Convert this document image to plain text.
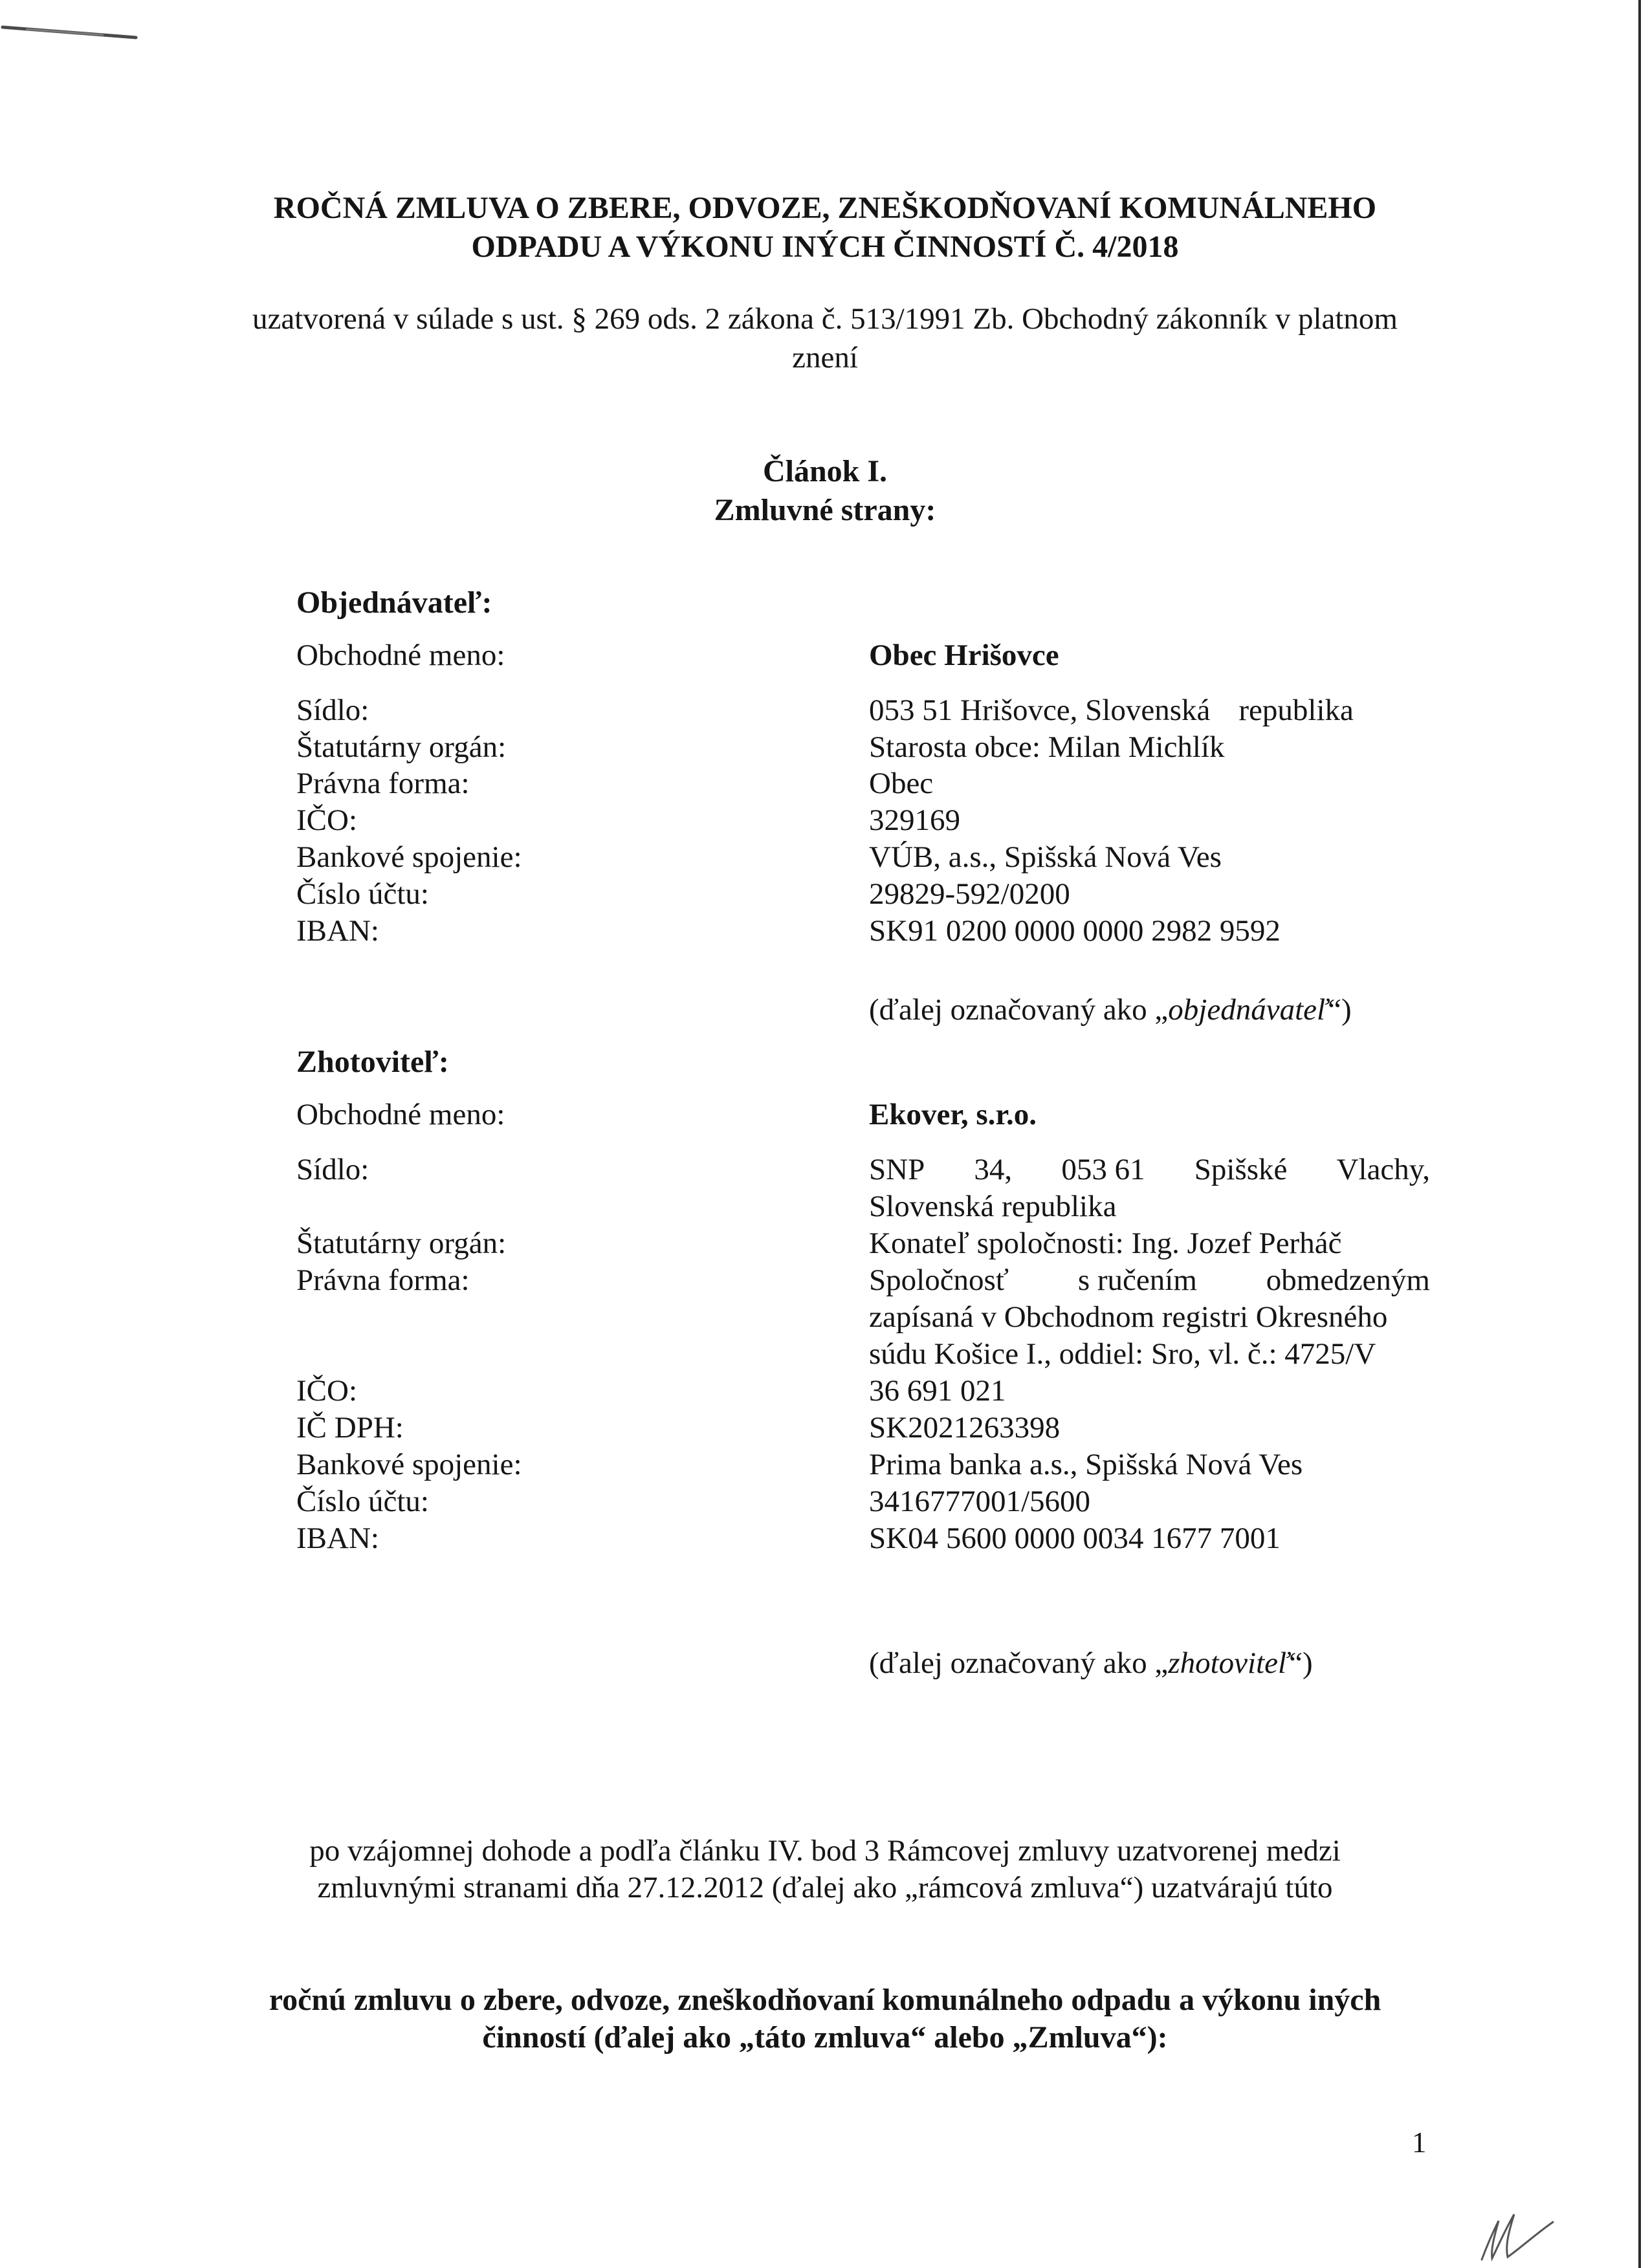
ROČNÁ ZMLUVA O ZBERE, ODVOZE, ZNEŠKODŇOVANÍ KOMUNÁLNEHO
ODPADU A VÝKONU INÝCH ČINNOSTÍ Č. 4/2018
uzatvorená v súlade s ust. § 269 ods. 2 zákona č. 513/1991 Zb. Obchodný zákonník v platnom
znení
Článok I.
Zmluvné strany:
Objednávateľ:
Obchodné meno:	Obec Hrišovce
Sídlo:	053 51 Hrišovce, Slovenská republika
Štatutárny orgán:	Starosta obce: Milan Michlík
Právna forma:	Obec
IČO:	329169
Bankové spojenie:	VÚB, a.s., Spišská Nová Ves
Číslo účtu:	29829-592/0200
IBAN:	SK91 0200 0000 0000 2982 9592
(ďalej označovaný ako „objednávateľ“)
Zhotoviteľ:
Obchodné meno:	Ekover, s.r.o.
Sídlo:	SNP 34, 053 61 Spišské Vlachy,
Slovenská republika
Štatutárny orgán:	Konateľ spoločnosti: Ing. Jozef Perháč
Právna forma:	Spoločnosť s ručením obmedzeným
zapísaná v Obchodnom registri Okresného
súdu Košice I., oddiel: Sro, vl. č.: 4725/V
IČO:	36 691 021
IČ DPH:	SK2021263398
Bankové spojenie:	Prima banka a.s., Spišská Nová Ves
Číslo účtu:	3416777001/5600
IBAN:	SK04 5600 0000 0034 1677 7001
(ďalej označovaný ako „zhotoviteľ“)
po vzájomnej dohode a podľa článku IV. bod 3 Rámcovej zmluvy uzatvorenej medzi
zmluvnými stranami dňa 27.12.2012 (ďalej ako „rámcová zmluva“) uzatvárajú túto
ročnú zmluvu o zbere, odvoze, zneškodňovaní komunálneho odpadu a výkonu iných
činností (ďalej ako „táto zmluva“ alebo „Zmluva“):
1
